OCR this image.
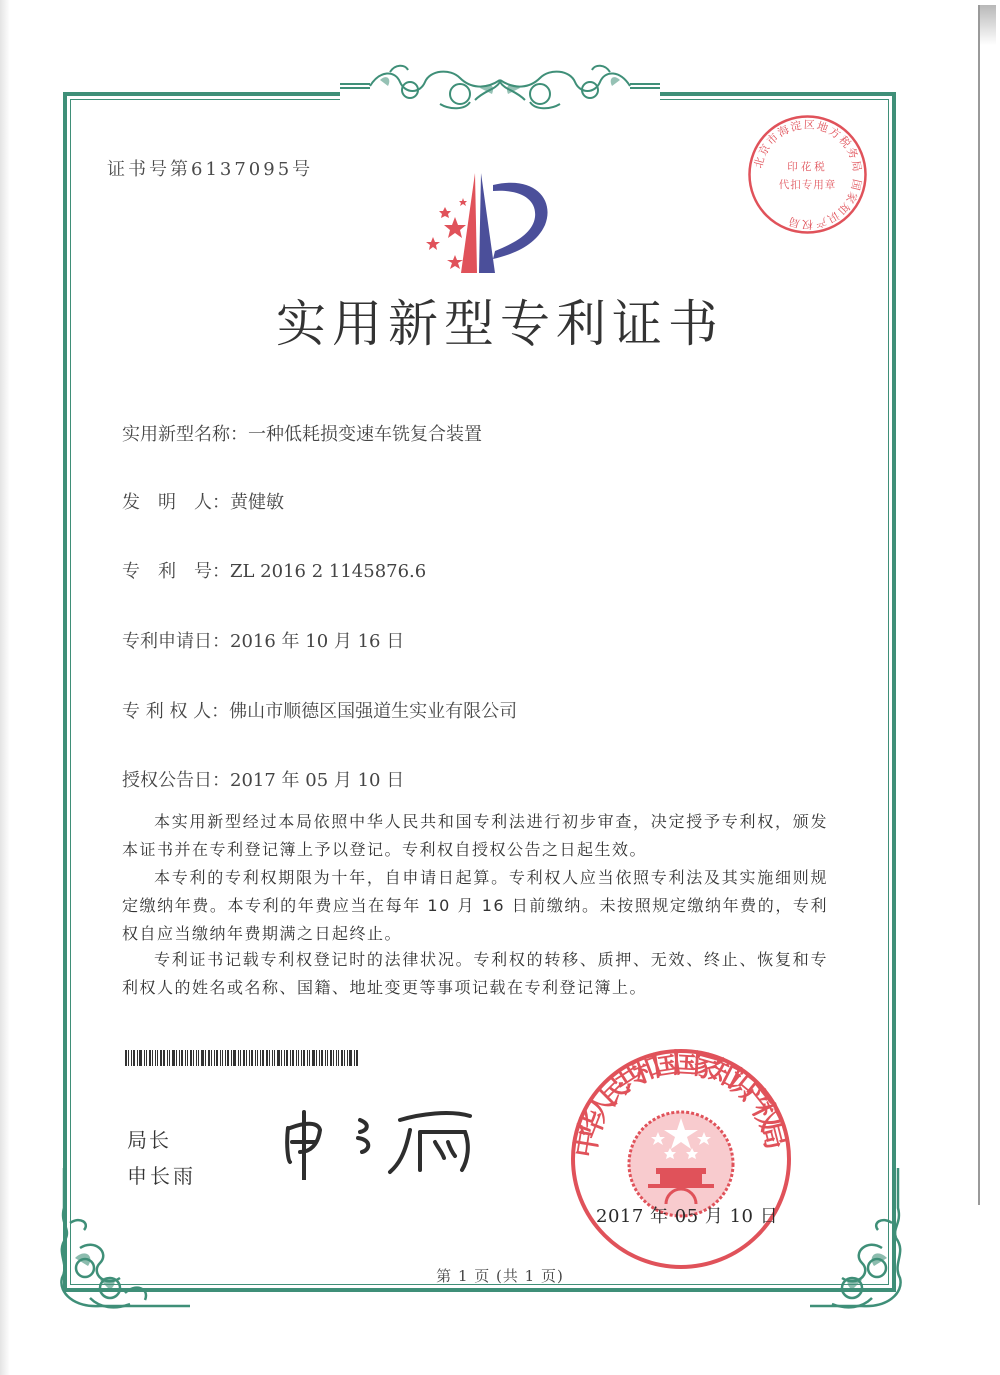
证书号第6137095号	北京市海淀区地方税务局 国家知识产权局
印花税
代扣专用章
实用新型专利证书
实用新型名称：一种低耗损变速车铣复合装置
发　明　人：黄健敏
专　利　号：ZL 2016 2 1145876.6
专利申请日：2016 年 10 月 16 日
专 利 权 人：佛山市顺德区国强道生实业有限公司
授权公告日：2017 年 05 月 10 日

本实用新型经过本局依照中华人民共和国专利法进行初步审查，决定授予专利权，颁发本证书并在专利登记簿上予以登记。专利权自授权公告之日起生效。

本专利的专利权期限为十年，自申请日起算。专利权人应当依照专利法及其实施细则规定缴纳年费。本专利的年费应当在每年 10 月 16 日前缴纳。未按照规定缴纳年费的，专利权自应当缴纳年费期满之日起终止。

专利证书记载专利权登记时的法律状况。专利权的转移、质押、无效、终止、恢复和专利权人的姓名或名称、国籍、地址变更等事项记载在专利登记簿上。

局长
申长雨
中华人民共和国国家知识产权局
2017 年 05 月 10 日
第 1 页 (共 1 页)
